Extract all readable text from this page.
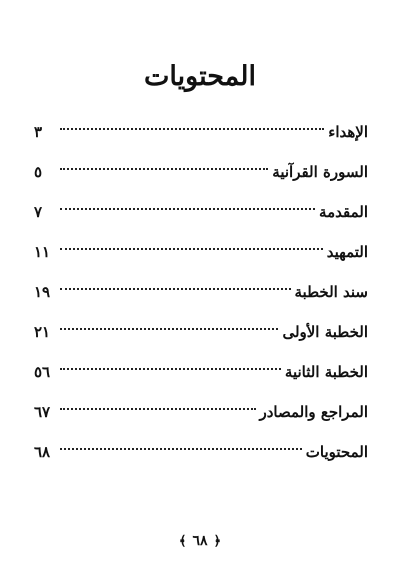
المحتويات
الإهداء
٣
السورة القرآنية
٥
المقدمة
٧
التمهيد
١١
سند الخطبة
١٩
الخطبة الأولى
٢١
الخطبة الثانية
٥٦
المراجع والمصادر
٦٧
المحتويات
٦٨
﴿٦٨﴾
